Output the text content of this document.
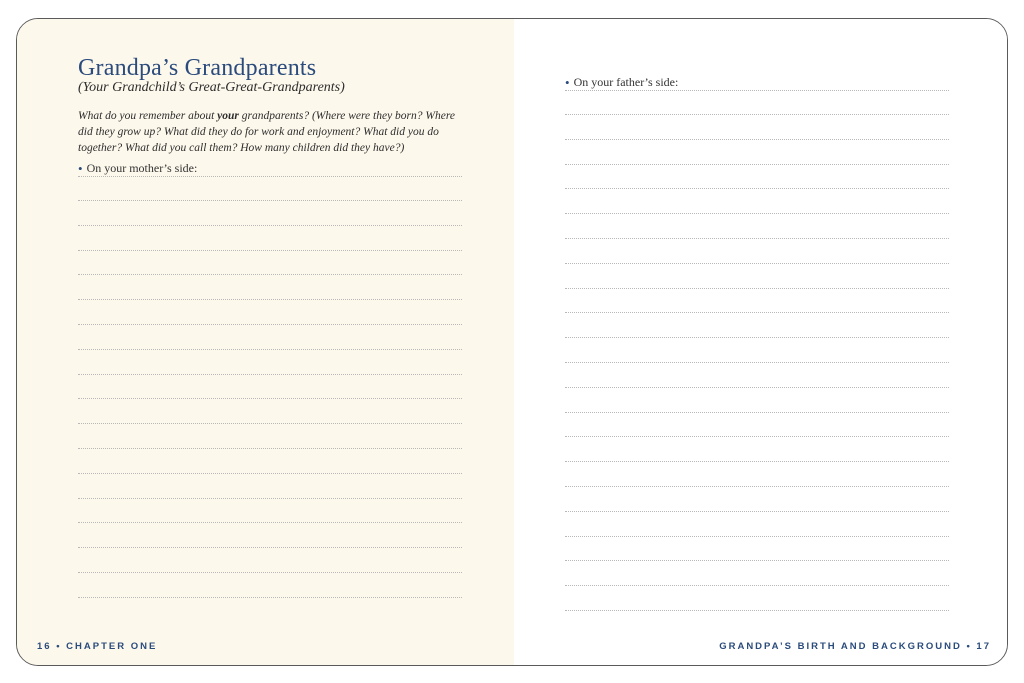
Grandpa’s Grandparents

(Your Grandchild’s Great-Great-Grandparents)

What do you remember about your grandparents? (Where were they born? Where did they grow up? What did they do for work and enjoyment? What did you do together? What did you call them? How many children did they have?)

• On your mother’s side:

16 • CHAPTER ONE

• On your father’s side:

GRANDPA’S BIRTH AND BACKGROUND • 17
